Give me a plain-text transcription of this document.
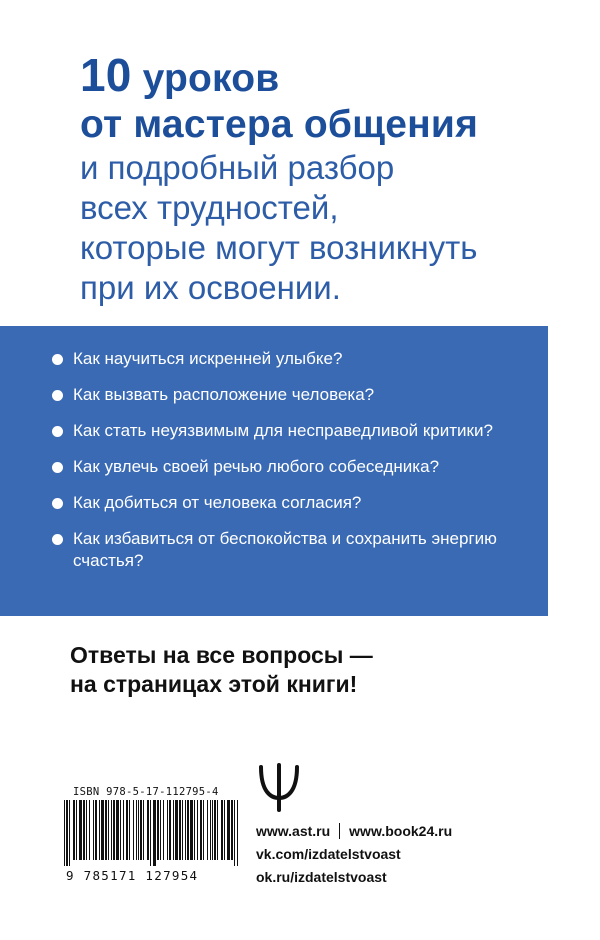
10 уроков
от мастера общения
и подробный разбор
всех трудностей,
которые могут возникнуть
при их освоении.
Как научиться искренней улыбке?
Как вызвать расположение человека?
Как стать неуязвимым для несправедливой критики?
Как увлечь своей речью любого собеседника?
Как добиться от человека согласия?
Как избавиться от беспокойства и сохранить энергию счастья?
Ответы на все вопросы —
на страницах этой книги!
ISBN 978-5-17-112795-4
9 785171 127954
www.ast.ru www.book24.ru
vk.com/izdatelstvoast
ok.ru/izdatelstvoast
